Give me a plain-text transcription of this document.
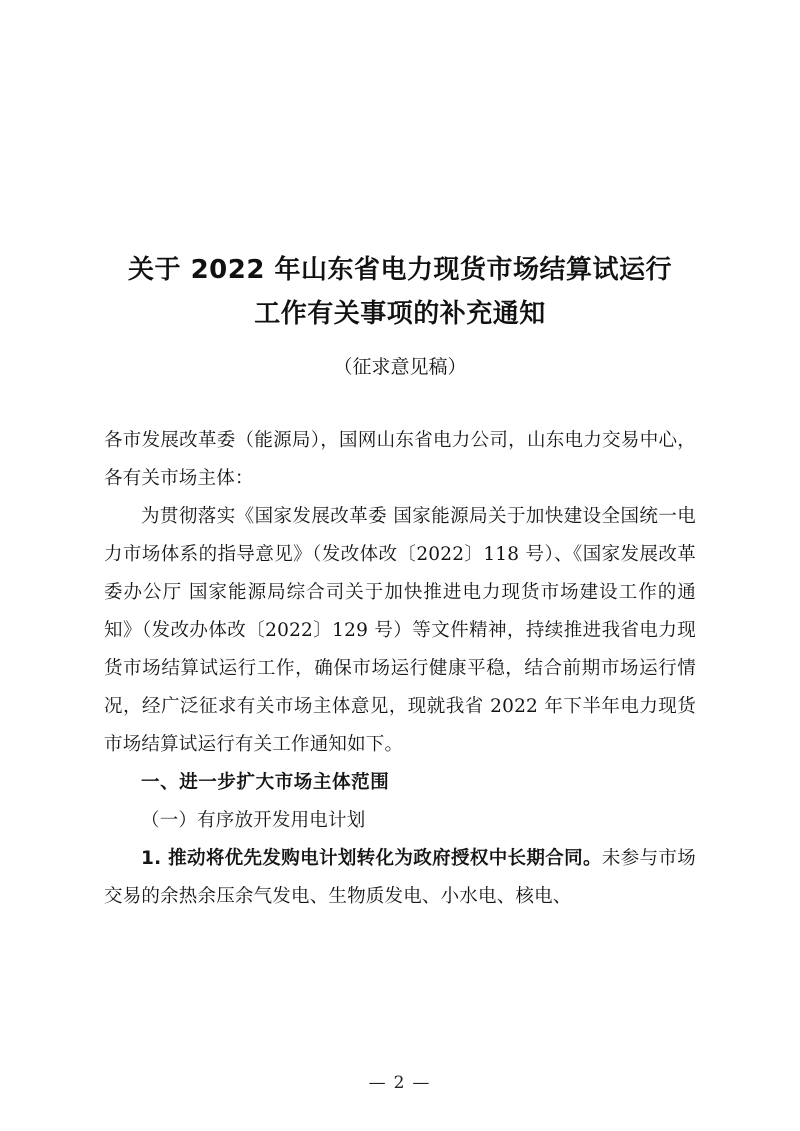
关于 2022 年山东省电力现货市场结算试运行
工作有关事项的补充通知

（征求意见稿）

各市发展改革委（能源局），国网山东省电力公司，山东电力交易中心，各有关市场主体：

为贯彻落实《国家发展改革委 国家能源局关于加快建设全国统一电力市场体系的指导意见》（发改体改〔2022〕118 号）、《国家发展改革委办公厅 国家能源局综合司关于加快推进电力现货市场建设工作的通知》（发改办体改〔2022〕129 号）等文件精神，持续推进我省电力现货市场结算试运行工作，确保市场运行健康平稳，结合前期市场运行情况，经广泛征求有关市场主体意见，现就我省 2022 年下半年电力现货市场结算试运行有关工作通知如下。

一、进一步扩大市场主体范围

（一）有序放开发用电计划

1. 推动将优先发购电计划转化为政府授权中长期合同。未参与市场交易的余热余压余气发电、生物质发电、小水电、核电、

— 2 —
